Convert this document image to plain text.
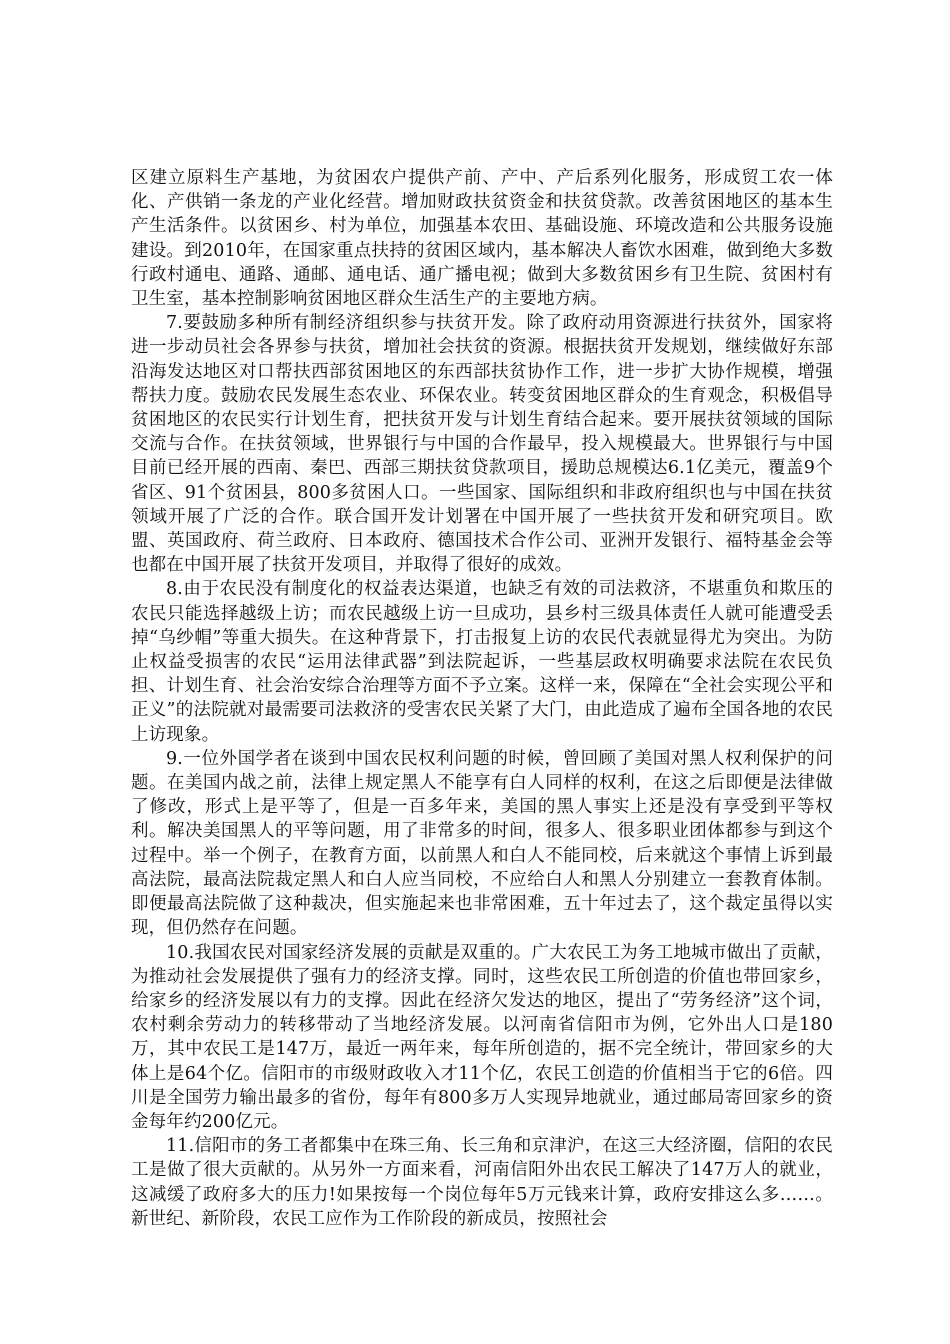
区建立原料生产基地，为贫困农户提供产前、产中、产后系列化服务，形成贸工农一体化、产供销一条龙的产业化经营。增加财政扶贫资金和扶贫贷款。改善贫困地区的基本生产生活条件。以贫困乡、村为单位，加强基本农田、基础设施、环境改造和公共服务设施建设。到2010年，在国家重点扶持的贫困区域内，基本解决人畜饮水困难，做到绝大多数行政村通电、通路、通邮、通电话、通广播电视；做到大多数贫困乡有卫生院、贫困村有卫生室，基本控制影响贫困地区群众生活生产的主要地方病。

7.要鼓励多种所有制经济组织参与扶贫开发。除了政府动用资源进行扶贫外，国家将进一步动员社会各界参与扶贫，增加社会扶贫的资源。根据扶贫开发规划，继续做好东部沿海发达地区对口帮扶西部贫困地区的东西部扶贫协作工作，进一步扩大协作规模，增强帮扶力度。鼓励农民发展生态农业、环保农业。转变贫困地区群众的生育观念，积极倡导贫困地区的农民实行计划生育，把扶贫开发与计划生育结合起来。要开展扶贫领域的国际交流与合作。在扶贫领域，世界银行与中国的合作最早，投入规模最大。世界银行与中国目前已经开展的西南、秦巴、西部三期扶贫贷款项目，援助总规模达6.1亿美元，覆盖9个省区、91个贫困县，800多贫困人口。一些国家、国际组织和非政府组织也与中国在扶贫领域开展了广泛的合作。联合国开发计划署在中国开展了一些扶贫开发和研究项目。欧盟、英国政府、荷兰政府、日本政府、德国技术合作公司、亚洲开发银行、福特基金会等也都在中国开展了扶贫开发项目，并取得了很好的成效。

8.由于农民没有制度化的权益表达渠道，也缺乏有效的司法救济，不堪重负和欺压的农民只能选择越级上访；而农民越级上访一旦成功，县乡村三级具体责任人就可能遭受丢掉“乌纱帽”等重大损失。在这种背景下，打击报复上访的农民代表就显得尤为突出。为防止权益受损害的农民“运用法律武器”到法院起诉，一些基层政权明确要求法院在农民负担、计划生育、社会治安综合治理等方面不予立案。这样一来，保障在“全社会实现公平和正义”的法院就对最需要司法救济的受害农民关紧了大门，由此造成了遍布全国各地的农民上访现象。

9.一位外国学者在谈到中国农民权利问题的时候，曾回顾了美国对黑人权利保护的问题。在美国内战之前，法律上规定黑人不能享有白人同样的权利，在这之后即便是法律做了修改，形式上是平等了，但是一百多年来，美国的黑人事实上还是没有享受到平等权利。解决美国黑人的平等问题，用了非常多的时间，很多人、很多职业团体都参与到这个过程中。举一个例子，在教育方面，以前黑人和白人不能同校，后来就这个事情上诉到最高法院，最高法院裁定黑人和白人应当同校，不应给白人和黑人分别建立一套教育体制。即便最高法院做了这种裁决，但实施起来也非常困难，五十年过去了，这个裁定虽得以实现，但仍然存在问题。

10.我国农民对国家经济发展的贡献是双重的。广大农民工为务工地城市做出了贡献，为推动社会发展提供了强有力的经济支撑。同时，这些农民工所创造的价值也带回家乡，给家乡的经济发展以有力的支撑。因此在经济欠发达的地区，提出了“劳务经济”这个词，农村剩余劳动力的转移带动了当地经济发展。以河南省信阳市为例，它外出人口是180万，其中农民工是147万，最近一两年来，每年所创造的，据不完全统计，带回家乡的大体上是64个亿。信阳市的市级财政收入才11个亿，农民工创造的价值相当于它的6倍。四川是全国劳力输出最多的省份，每年有800多万人实现异地就业，通过邮局寄回家乡的资金每年约200亿元。

11.信阳市的务工者都集中在珠三角、长三角和京津沪，在这三大经济圈，信阳的农民工是做了很大贡献的。从另外一方面来看，河南信阳外出农民工解决了147万人的就业，这减缓了政府多大的压力!如果按每一个岗位每年5万元钱来计算，政府安排这么多……。新世纪、新阶段，农民工应作为工作阶段的新成员，按照社会
